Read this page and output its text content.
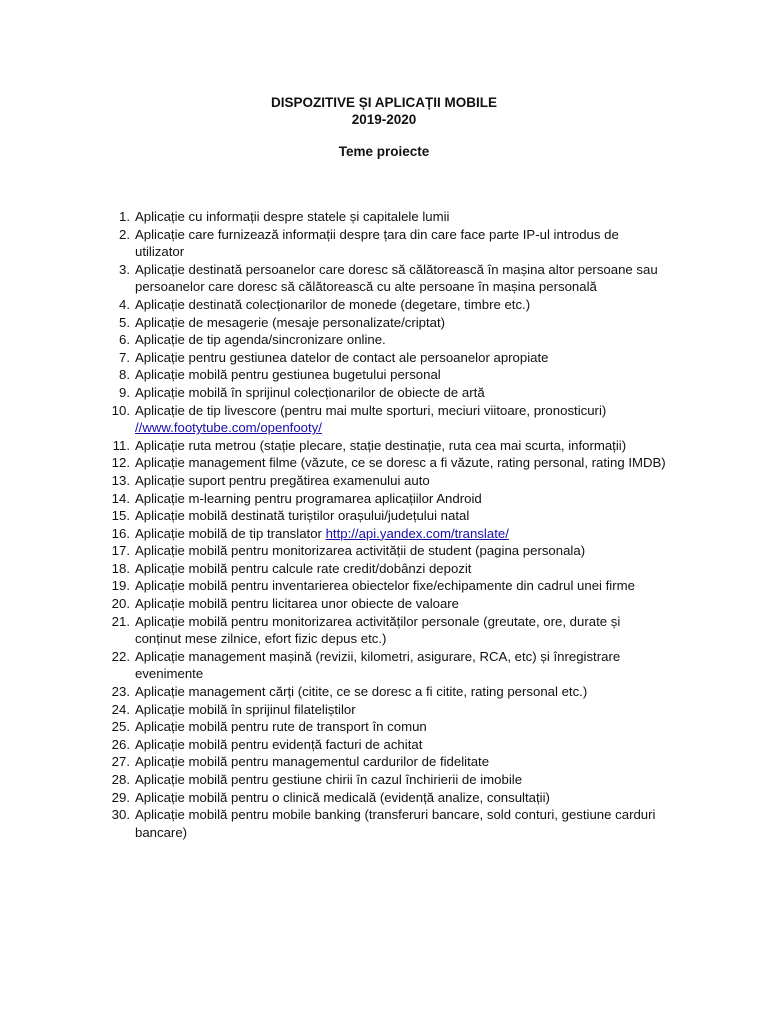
DISPOZITIVE ȘI APLICAȚII MOBILE
2019-2020
Teme proiecte
1. Aplicație cu informații despre statele și capitalele lumii
2. Aplicație care furnizează informații despre țara din care face parte IP-ul introdus de utilizator
3. Aplicație destinată persoanelor care doresc să călătorească în mașina altor persoane sau persoanelor care doresc să călătorească cu alte persoane în mașina personală
4. Aplicație destinată colecționarilor de monede (degetare, timbre etc.)
5. Aplicație de mesagerie (mesaje personalizate/criptat)
6. Aplicație de tip agenda/sincronizare online.
7. Aplicație pentru gestiunea datelor de contact ale persoanelor apropiate
8. Aplicație mobilă pentru gestiunea bugetului personal
9. Aplicație mobilă în sprijinul colecționarilor de obiecte de artă
10. Aplicație de tip livescore (pentru mai multe sporturi, meciuri viitoare, pronosticuri)
//www.footytube.com/openfooty/
11. Aplicație ruta metrou (stație plecare, stație destinație, ruta cea mai scurta, informații)
12. Aplicație management filme (văzute, ce se doresc a fi văzute, rating personal, rating IMDB)
13. Aplicație suport pentru pregătirea examenului auto
14. Aplicație m-learning pentru programarea aplicațiilor Android
15. Aplicație mobilă destinată turiștilor orașului/județului natal
16. Aplicație mobilă de tip translator http://api.yandex.com/translate/
17. Aplicație mobilă pentru monitorizarea activității de student (pagina personala)
18. Aplicație mobilă pentru calcule rate credit/dobânzi depozit
19. Aplicație mobilă pentru inventarierea obiectelor fixe/echipamente din cadrul unei firme
20. Aplicație mobilă pentru licitarea unor obiecte de valoare
21. Aplicație mobilă pentru monitorizarea activităților personale (greutate, ore, durate și conținut mese zilnice, efort fizic depus etc.)
22. Aplicație management mașină (revizii, kilometri, asigurare, RCA, etc) și înregistrare evenimente
23. Aplicație management cărți (citite, ce se doresc a fi citite, rating personal etc.)
24. Aplicație mobilă în sprijinul filateliștilor
25. Aplicație mobilă pentru rute de transport în comun
26. Aplicație mobilă pentru evidență facturi de achitat
27. Aplicație mobilă pentru managementul cardurilor de fidelitate
28. Aplicație mobilă pentru gestiune chirii în cazul închirierii de imobile
29. Aplicație mobilă pentru o clinică medicală (evidență analize, consultații)
30. Aplicație mobilă pentru mobile banking (transferuri bancare, sold conturi, gestiune carduri bancare)
